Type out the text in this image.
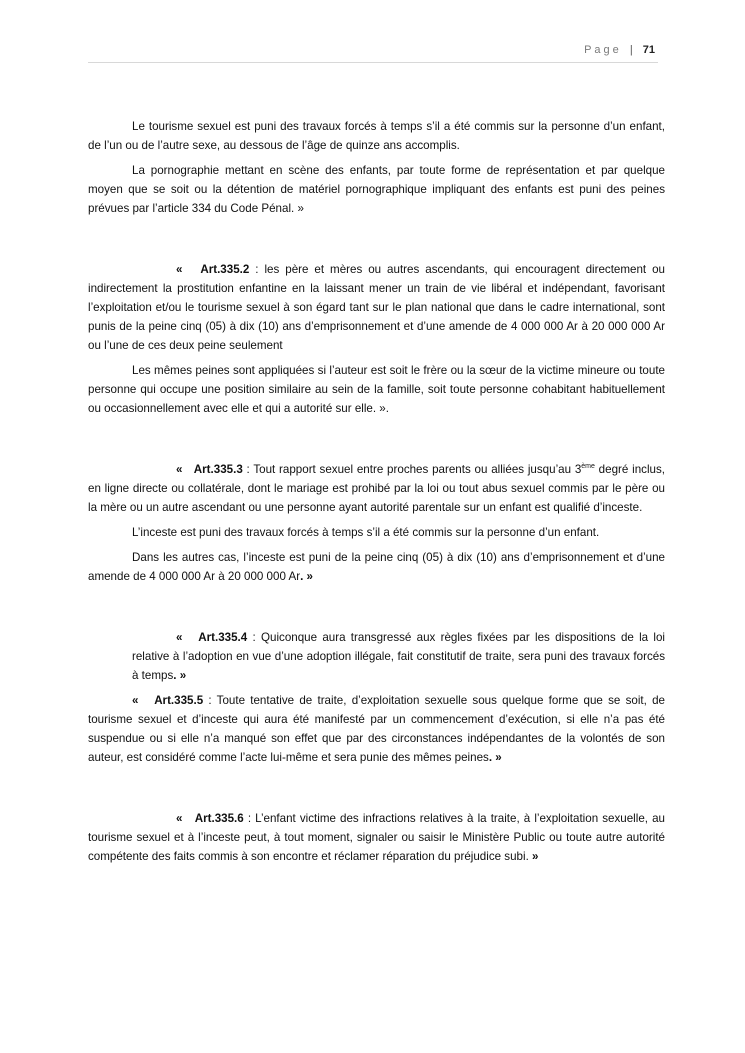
Page | 71

Le tourisme sexuel est puni des travaux forcés à temps s’il a été commis sur la personne d’un enfant, de l’un ou de l’autre sexe, au dessous de l’âge de quinze ans accomplis.

La pornographie mettant en scène des enfants, par toute forme de représentation et par quelque moyen que se soit ou la détention de matériel pornographique impliquant des enfants est puni des peines prévues par l’article 334 du Code Pénal. »

« Art.335.2 : les père et mères ou autres ascendants, qui encouragent directement ou indirectement la prostitution enfantine en la laissant mener un train de vie libéral et indépendant, favorisant l’exploitation et/ou le tourisme sexuel à son égard tant sur le plan national que dans le cadre international, sont punis de la peine cinq (05) à dix (10) ans d’emprisonnement et d’une amende de 4 000 000 Ar à 20 000 000 Ar ou l’une de ces deux peine seulement

Les mêmes peines sont appliquées si l’auteur est soit le frère ou la sœur de la victime mineure ou toute personne qui occupe une position similaire au sein de la famille, soit toute personne cohabitant habituellement ou occasionnellement avec elle et qui a autorité sur elle. ».

« Art.335.3 : Tout rapport sexuel entre proches parents ou alliées jusqu’au 3ème degré inclus, en ligne directe ou collatérale, dont le mariage est prohibé par la loi ou tout abus sexuel commis par le père ou la mère ou un autre ascendant ou une personne ayant autorité parentale sur un enfant est qualifié d’inceste.

L’inceste est puni des travaux forcés à temps s’il a été commis sur la personne d’un enfant.

Dans les autres cas, l’inceste est puni de la peine cinq (05) à dix (10) ans d’emprisonnement et d’une amende de 4 000 000 Ar à 20 000 000 Ar. »

« Art.335.4 : Quiconque aura transgressé aux règles fixées par les dispositions de la loi relative à l’adoption en vue d’une adoption illégale, fait constitutif de traite, sera puni des travaux forcés à temps. »

« Art.335.5 : Toute tentative de traite, d’exploitation sexuelle sous quelque forme que se soit, de tourisme sexuel et d’inceste qui aura été manifesté par un commencement d’exécution, si elle n’a pas été suspendue ou si elle n’a manqué son effet que par des circonstances indépendantes de la volontés de son auteur, est considéré comme l’acte lui-même et sera punie des mêmes peines. »

« Art.335.6 : L’enfant victime des infractions relatives à la traite, à l’exploitation sexuelle, au tourisme sexuel et à l’inceste peut, à tout moment, signaler ou saisir le Ministère Public ou toute autre autorité compétente des faits commis à son encontre et réclamer réparation du préjudice subi. »
